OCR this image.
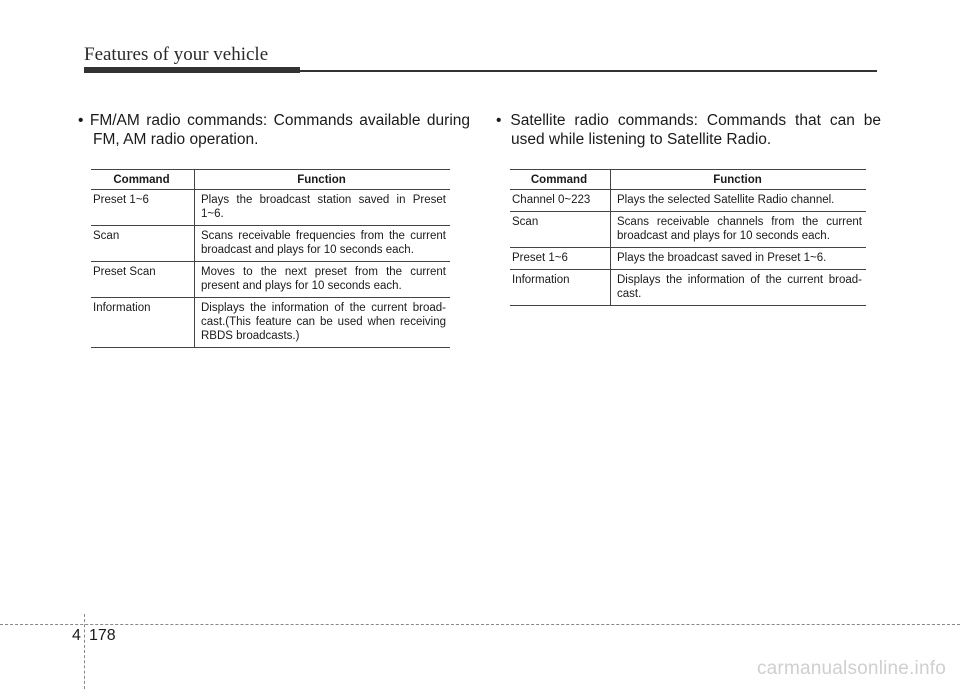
Features of your vehicle
• FM/AM radio commands: Commands available during
FM, AM radio operation.
Command	Function
Preset 1~6	Plays the broadcast station saved in Preset 1~6.

Scan	Scans receivable frequencies from the current
broadcast and plays for 10 seconds each.

Preset Scan	Moves to the next preset from the current
present and plays for 10 seconds each.

Information	Displays the information of the current broad-
cast.(This feature can be used when receiving
RBDS broadcasts.)
• Satellite radio commands: Commands that can be
used while listening to Satellite Radio.
Command	Function
Channel 0~223	Plays the selected Satellite Radio channel.

Scan	Scans receivable channels from the current
broadcast and plays for 10 seconds each.

Preset 1~6	Plays the broadcast saved in Preset 1~6.

Information	Displays the information of the current broad-
cast.
4 178
carmanualsonline.info
